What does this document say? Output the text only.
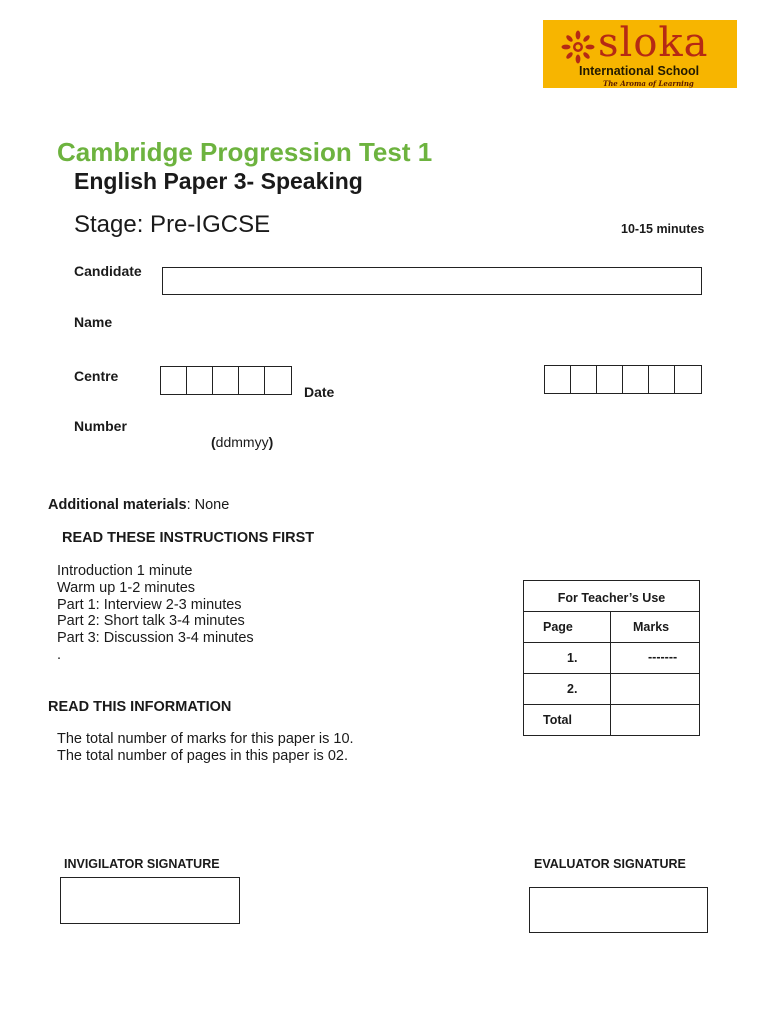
sloka
International School
The Aroma of Learning
Cambridge Progression Test 1
English Paper 3- Speaking
Stage: Pre-IGCSE	10-15 minutes
Candidate
Name
Centre
Number
Date
(ddmmyy)
Additional materials: None
READ THESE INSTRUCTIONS FIRST
Introduction 1 minute
Warm up 1-2 minutes
Part 1: Interview 2-3 minutes
Part 2: Short talk 3-4 minutes
Part 3: Discussion 3-4 minutes
.
READ THIS INFORMATION
The total number of marks for this paper is 10.
The total number of pages in this paper is 02.
For Teacher’s Use	
Page	Marks
1.	-------
2.	
Total	
INVIGILATOR SIGNATURE	EVALUATOR SIGNATURE
